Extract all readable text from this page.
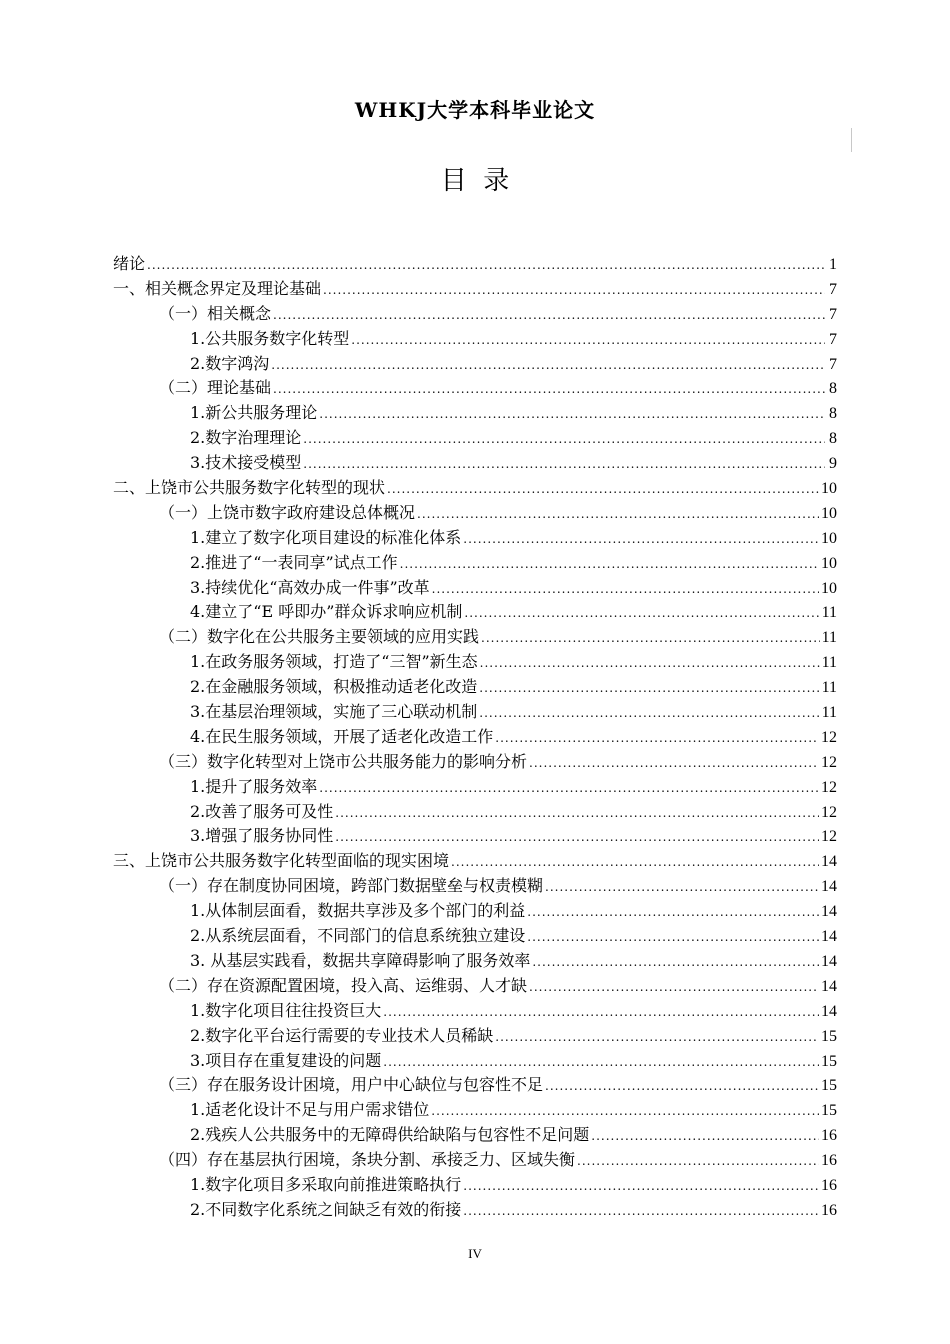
WHKJ大学本科毕业论文
目  录
绪论 .....	1
一、相关概念界定及理论基础 .....	7
（一）相关概念 .....	7
1.公共服务数字化转型 .....	7
2.数字鸿沟 .....	7
（二）理论基础 .....	8
1.新公共服务理论 .....	8
2.数字治理理论 .....	8
3.技术接受模型 .....	9
二、上饶市公共服务数字化转型的现状 .....	10
（一）上饶市数字政府建设总体概况 .....	10
1.建立了数字化项目建设的标准化体系 .....	10
2.推进了“一表同享”试点工作 .....	10
3.持续优化“高效办成一件事”改革 .....	10
4.建立了“E 呼即办”群众诉求响应机制 .....	11
（二）数字化在公共服务主要领域的应用实践 .....	11
1.在政务服务领域，打造了“三智”新生态 .....	11
2.在金融服务领域，积极推动适老化改造 .....	11
3.在基层治理领域，实施了三心联动机制 .....	11
4.在民生服务领域，开展了适老化改造工作 .....	12
（三）数字化转型对上饶市公共服务能力的影响分析 .....	12
1.提升了服务效率 .....	12
2.改善了服务可及性 .....	12
3.增强了服务协同性 .....	12
三、上饶市公共服务数字化转型面临的现实困境 .....	14
（一）存在制度协同困境，跨部门数据壁垒与权责模糊 .....	14
1.从体制层面看，数据共享涉及多个部门的利益 .....	14
2.从系统层面看，不同部门的信息系统独立建设 .....	14
3. 从基层实践看，数据共享障碍影响了服务效率 .....	14
（二）存在资源配置困境，投入高、运维弱、人才缺 .....	14
1.数字化项目往往投资巨大 .....	14
2.数字化平台运行需要的专业技术人员稀缺 .....	15
3.项目存在重复建设的问题 .....	15
（三）存在服务设计困境，用户中心缺位与包容性不足 .....	15
1.适老化设计不足与用户需求错位 .....	15
2.残疾人公共服务中的无障碍供给缺陷与包容性不足问题 .....	16
（四）存在基层执行困境，条块分割、承接乏力、区域失衡 .....	16
1.数字化项目多采取向前推进策略执行 .....	16
2.不同数字化系统之间缺乏有效的衔接 .....	16
IV
